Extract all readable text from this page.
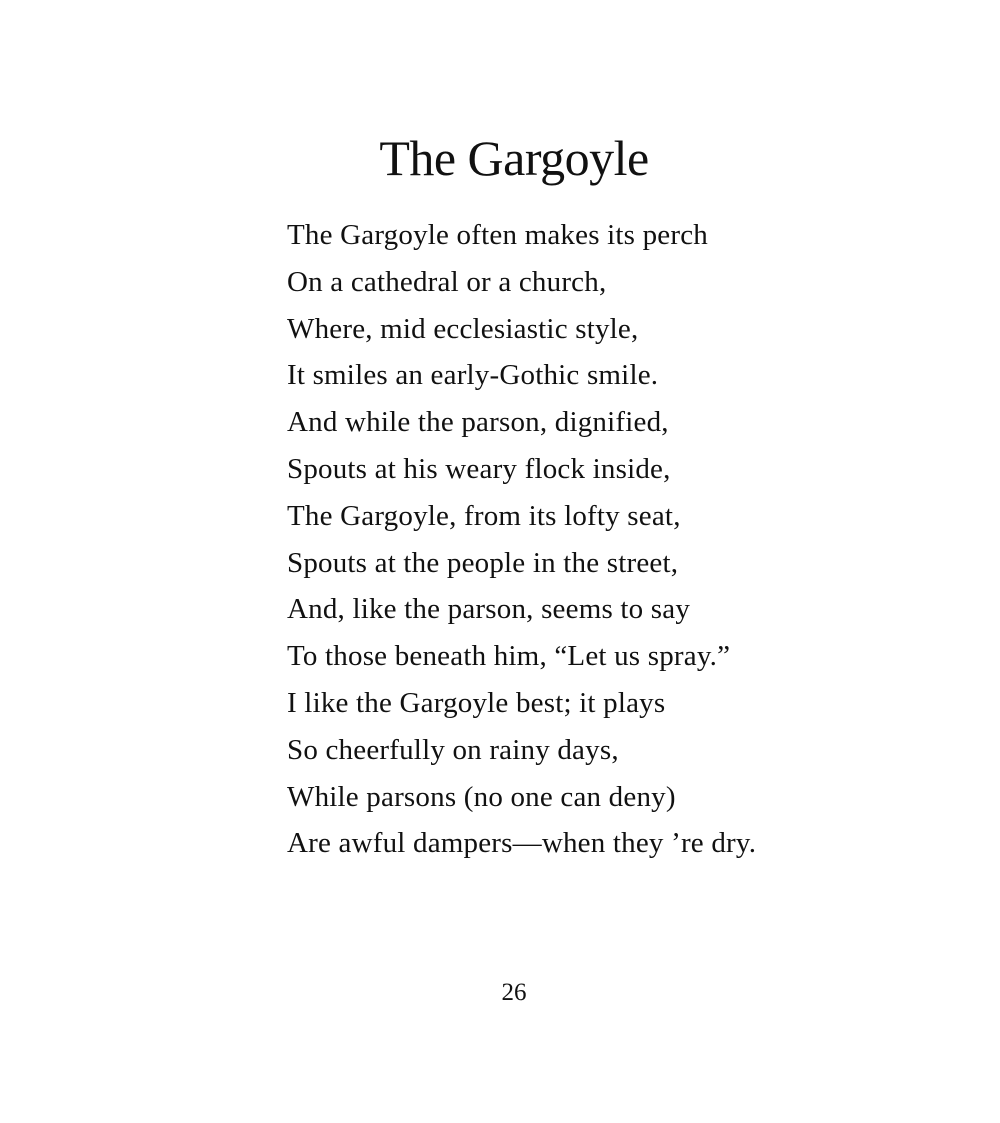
The Gargoyle
The Gargoyle often makes its perch
On a cathedral or a church,
Where, mid ecclesiastic style,
It smiles an early-Gothic smile.
And while the parson, dignified,
Spouts at his weary flock inside,
The Gargoyle, from its lofty seat,
Spouts at the people in the street,
And, like the parson, seems to say
To those beneath him, “Let us spray.”
I like the Gargoyle best; it plays
So cheerfully on rainy days,
While parsons (no one can deny)
Are awful dampers—when they ’re dry.
26
